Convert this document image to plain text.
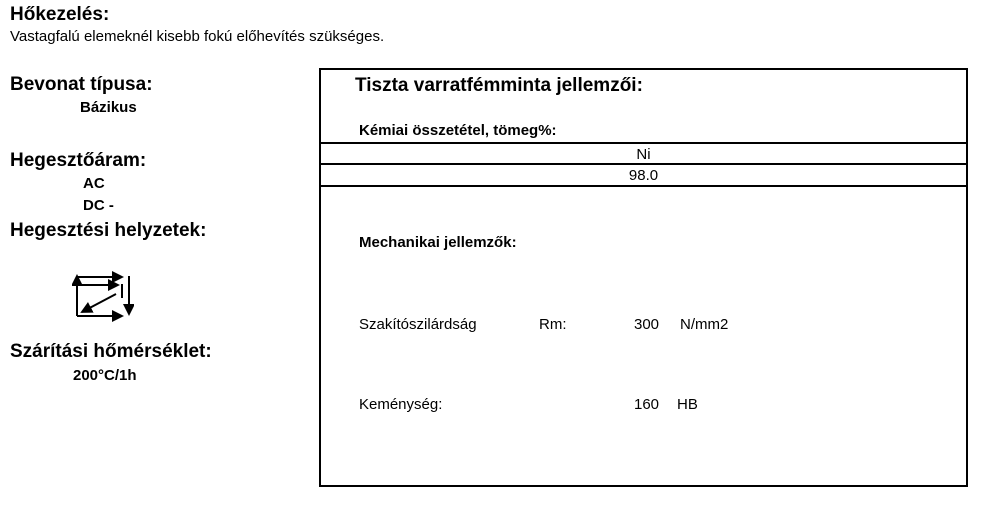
Hőkezelés:
Vastagfalú elemeknél kisebb fokú előhevítés szükséges.
Bevonat típusa:
Bázikus
Hegesztőáram:
AC
DC -
Hegesztési helyzetek:
Szárítási hőmérséklet:
200°C/1h
Tiszta varratfémminta jellemzői:
Kémiai összetétel, tömeg%:
Ni
98.0
Mechanikai jellemzők:
Szakítószilárdság	Rm:	300 N/mm2
Keménység:	160 HB
